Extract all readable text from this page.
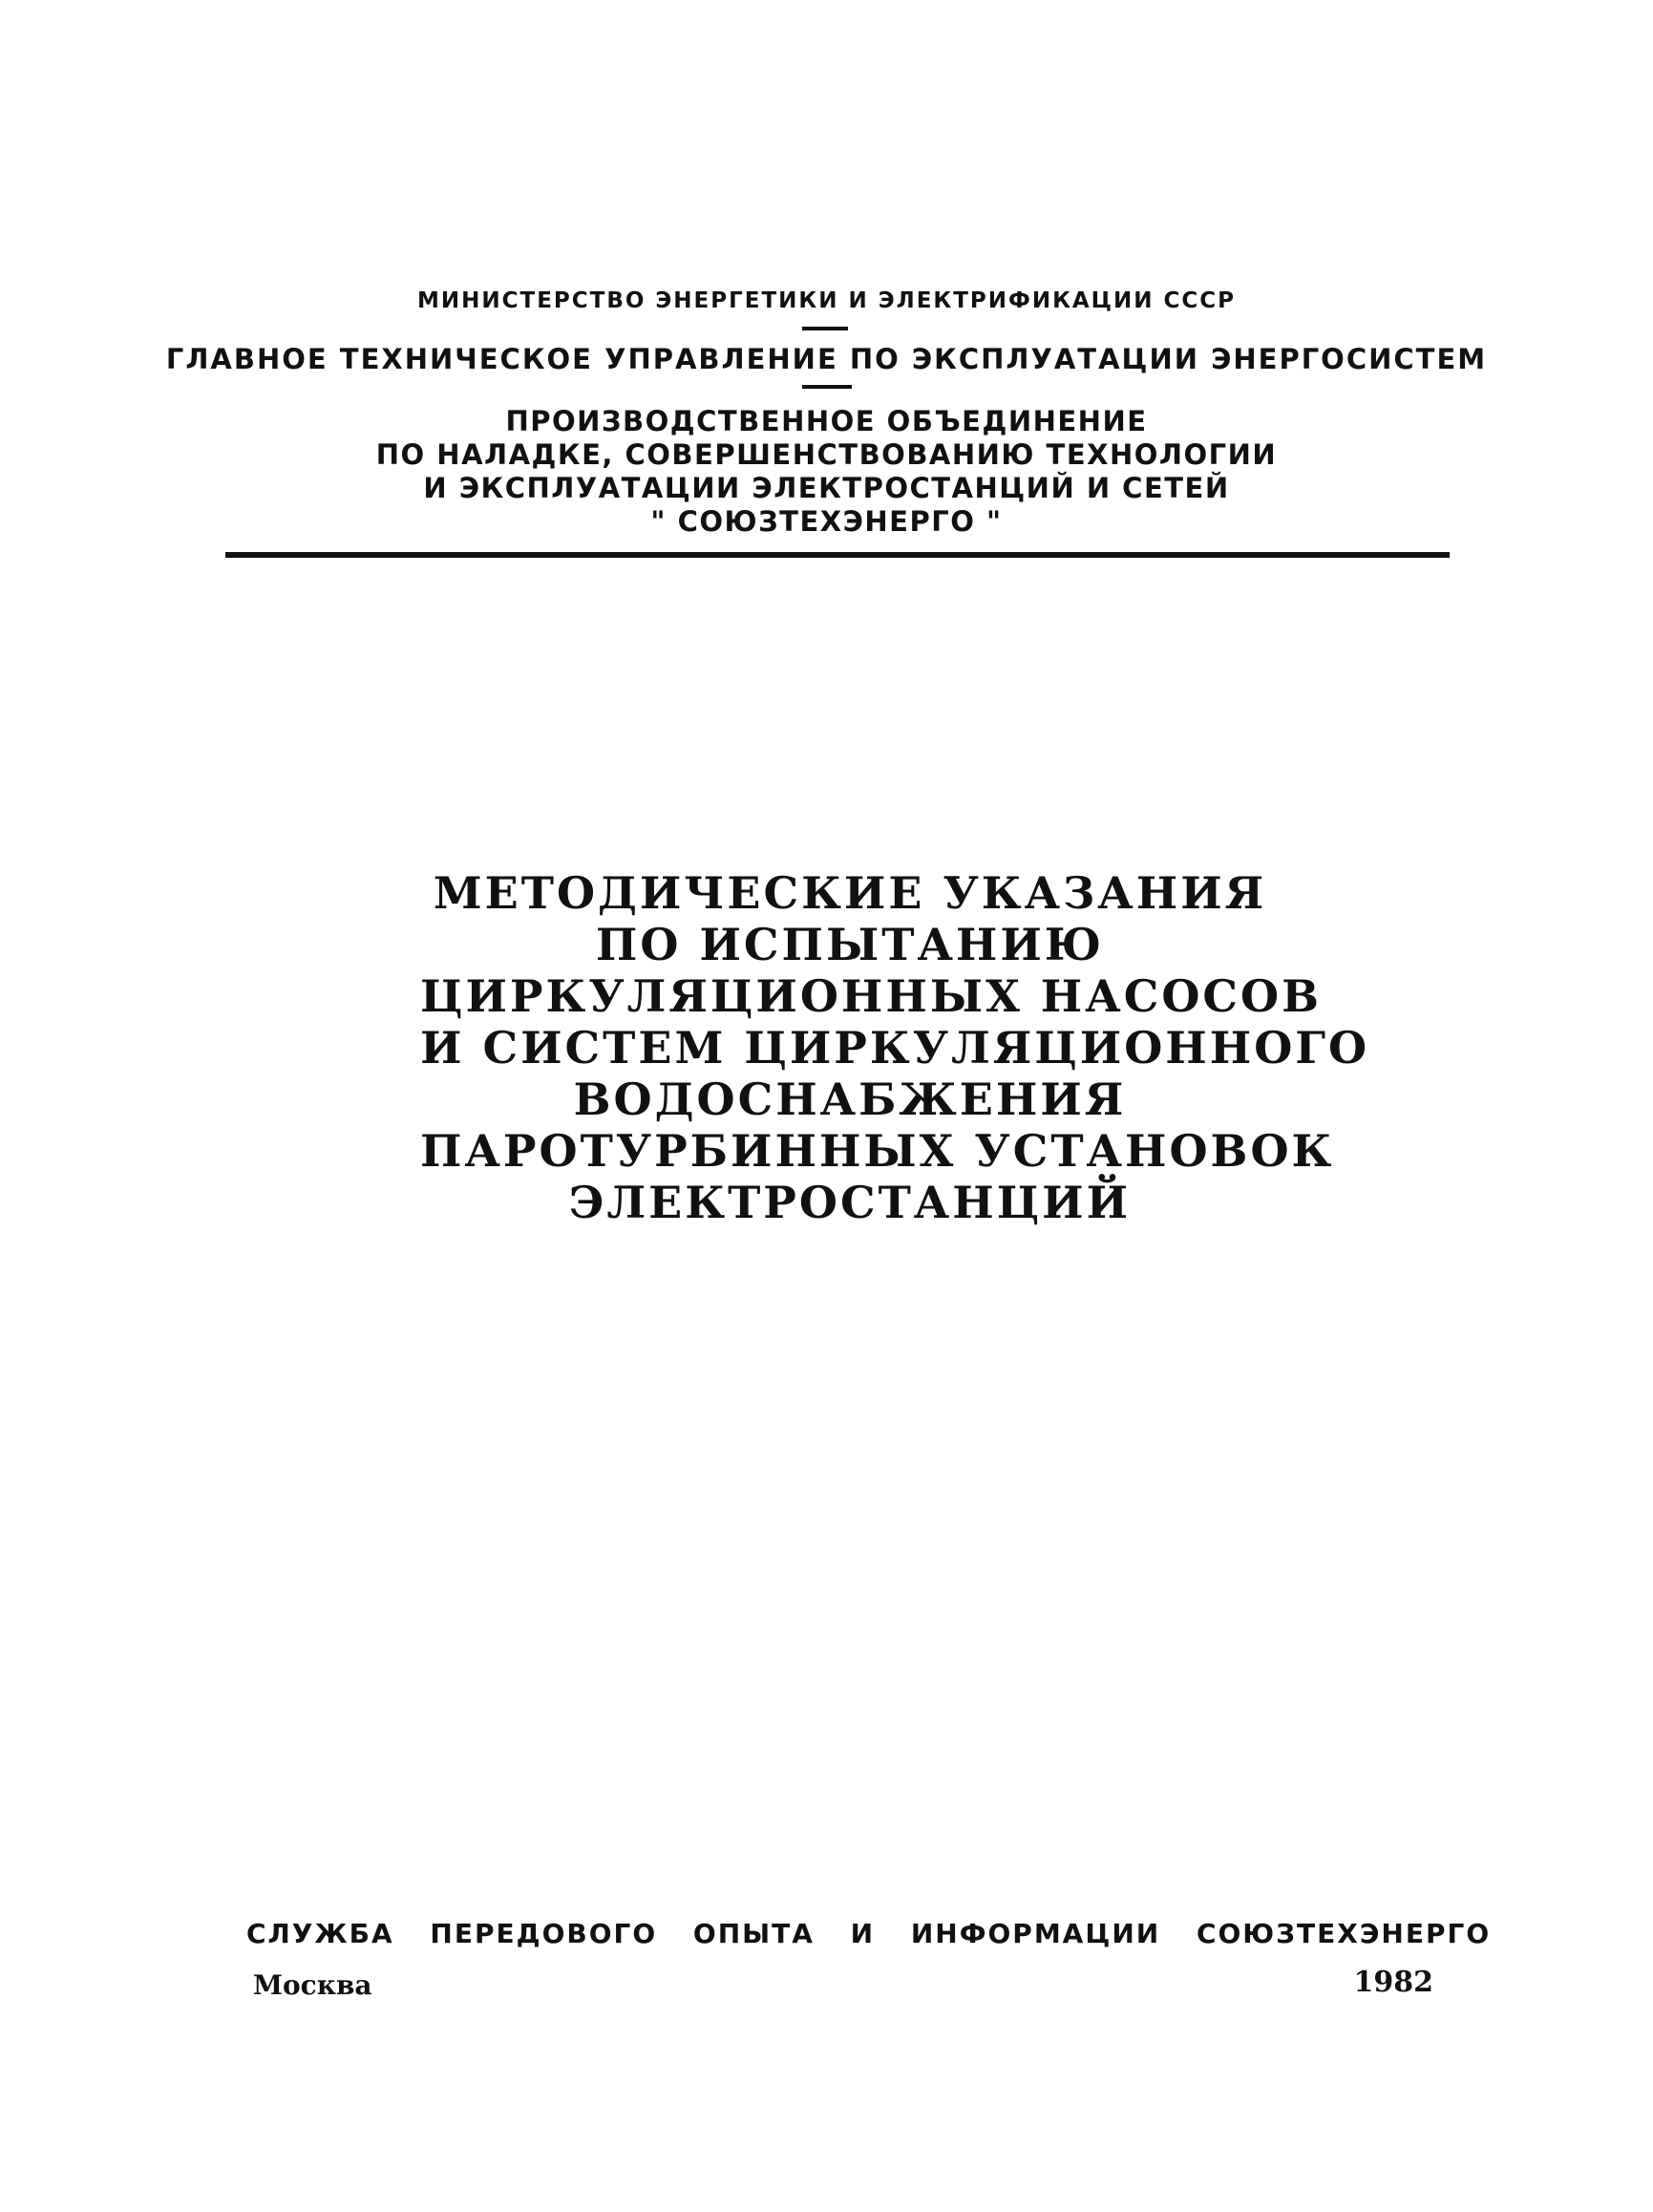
МИНИСТЕРСТВО ЭНЕРГЕТИКИ И ЭЛЕКТРИФИКАЦИИ СССР
ГЛАВНОЕ ТЕХНИЧЕСКОЕ УПРАВЛЕНИЕ ПО ЭКСПЛУАТАЦИИ ЭНЕРГОСИСТЕМ
ПРОИЗВОДСТВЕННОЕ ОБЪЕДИНЕНИЕ
ПО НАЛАДКЕ, СОВЕРШЕНСТВОВАНИЮ ТЕХНОЛОГИИ
И ЭКСПЛУАТАЦИИ ЭЛЕКТРОСТАНЦИЙ И СЕТЕЙ
" СОЮЗТЕХЭНЕРГО "
МЕТОДИЧЕСКИЕ УКАЗАНИЯ
ПО ИСПЫТАНИЮ
ЦИРКУЛЯЦИОННЫХ НАСОСОВ
И СИСТЕМ ЦИРКУЛЯЦИОННОГО
ВОДОСНАБЖЕНИЯ
ПАРОТУРБИННЫХ УСТАНОВОК
ЭЛЕКТРОСТАНЦИЙ
СЛУЖБА ПЕРЕДОВОГО ОПЫТА И ИНФОРМАЦИИ СОЮЗТЕХЭНЕРГО
Москва	1982
